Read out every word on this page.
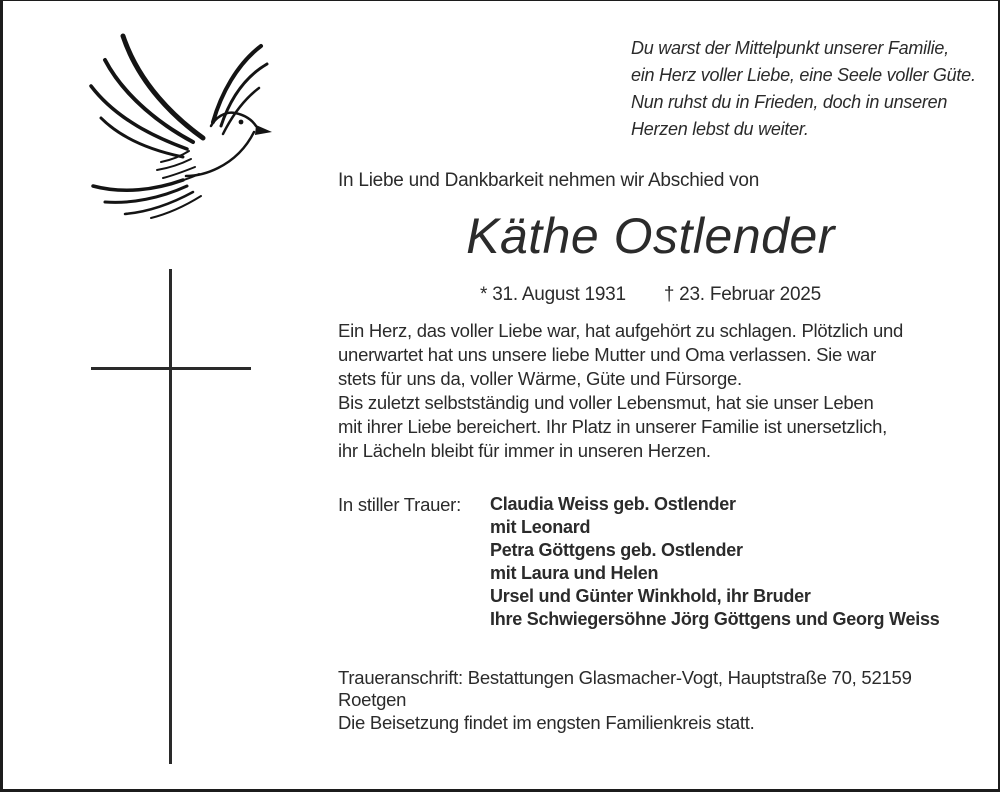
Du warst der Mittelpunkt unserer Familie,
ein Herz voller Liebe, eine Seele voller Güte.
Nun ruhst du in Frieden, doch in unseren
Herzen lebst du weiter.
In Liebe und Dankbarkeit nehmen wir Abschied von
Käthe Ostlender
* 31. August 1931 † 23. Februar 2025
Ein Herz, das voller Liebe war, hat aufgehört zu schlagen. Plötzlich und
unerwartet hat uns unsere liebe Mutter und Oma verlassen. Sie war
stets für uns da, voller Wärme, Güte und Fürsorge.
Bis zuletzt selbstständig und voller Lebensmut, hat sie unser Leben
mit ihrer Liebe bereichert. Ihr Platz in unserer Familie ist unersetzlich,
ihr Lächeln bleibt für immer in unseren Herzen.
In stiller Trauer:	Claudia Weiss geb. Ostlender
mit Leonard
Petra Göttgens geb. Ostlender
mit Laura und Helen
Ursel und Günter Winkhold, ihr Bruder
Ihre Schwiegersöhne Jörg Göttgens und Georg Weiss
Traueranschrift: Bestattungen Glasmacher-Vogt, Hauptstraße 70, 52159 Roetgen
Die Beisetzung findet im engsten Familienkreis statt.
